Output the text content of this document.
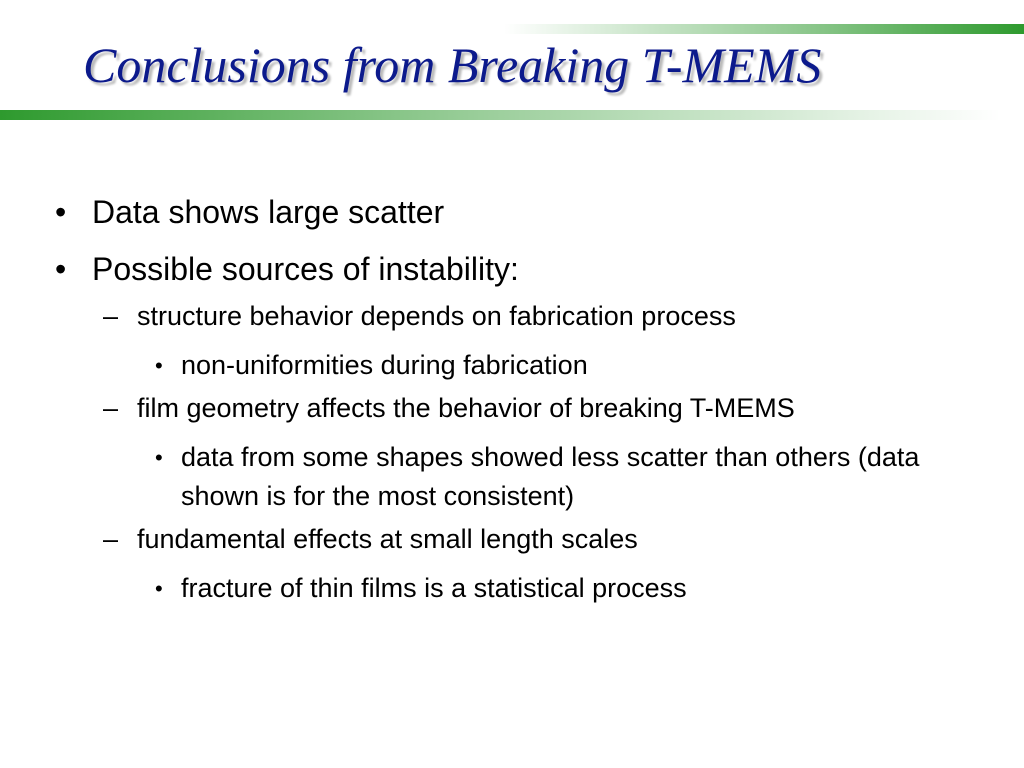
Conclusions from Breaking T-MEMS
• Data shows large scatter
• Possible sources of instability:
– structure behavior depends on fabrication process
• non-uniformities during fabrication
– film geometry affects the behavior of breaking T-MEMS
• data from some shapes showed less scatter than others (data shown is for the most consistent)
– fundamental effects at small length scales
• fracture of thin films is a statistical process
